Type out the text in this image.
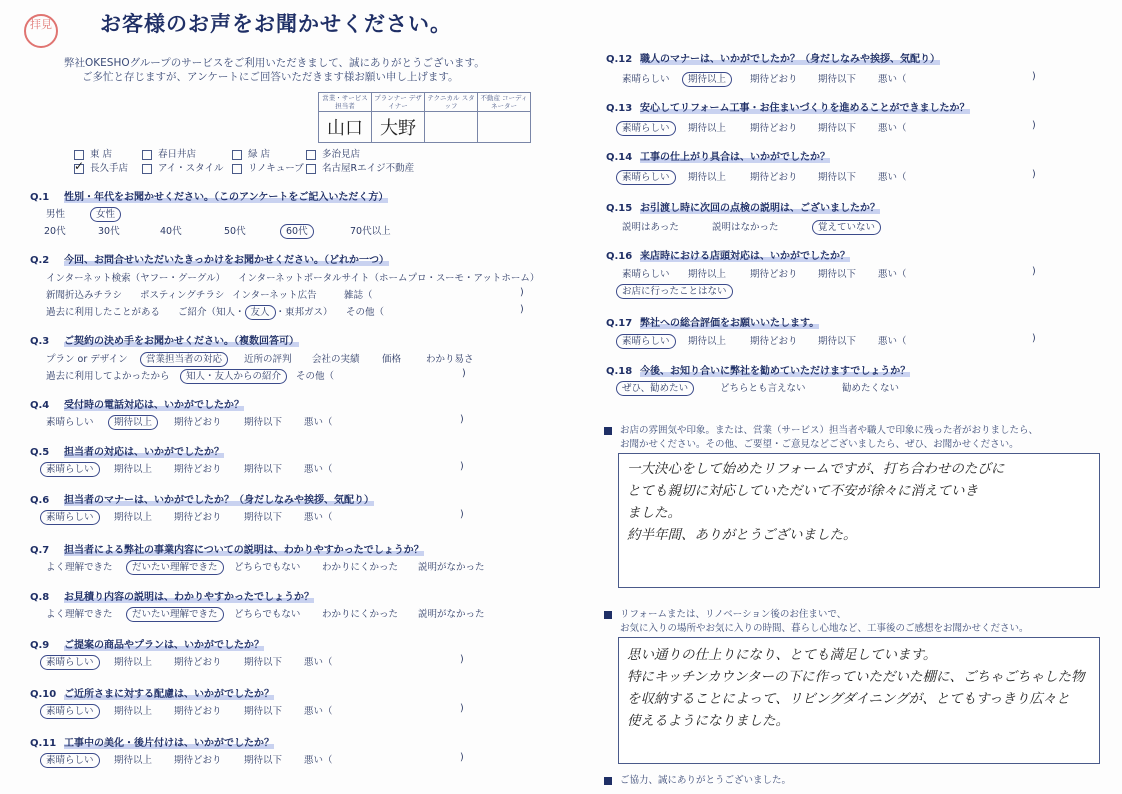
拝見 お客様のお声をお聞かせください。
弊社OKESHOグループのサービスをご利用いただきまして、誠にありがとうございます。
ご多忙と存じますが、アンケートにご回答いただきます様お願い申し上げます。
営業・サービス 担当者	プランナー デザイナー	テクニカル スタッフ	不動産 コーディネーター
山口	大野		
Q.1 性別・年代をお聞かせください。（このアンケートをご記入いただく方）
男性	女性
Q.2 今回、お問合せいただいたきっかけをお聞かせください。（どれか一つ）
インターネット検索（ヤフー・グーグル） インターネットポータルサイト（ホームプロ・スーモ・アットホーム）
新聞折込みチラシ ポスティングチラシ インターネット広告	雑誌（	)
過去に利用したことがある ご紹介（知人・ 友人 ・東邦ガス） その他（	)
Q.3 ご契約の決め手をお聞かせください。（複数回答可）
過去に利用してよかったから 知人・友人からの紹介	その他（	)
Q.15 お引渡し時に次回の点検の説明は、ございましたか？
Q.16 来店時における店頭対応は、いかがでしたか？
お店に行ったことはない
Q.17 弊社への総合評価をお願いいたします。
Q.18 今後、お知り合いに弊社を勧めていただけますでしょうか？
お店の雰囲気や印象。または、営業（サービス）担当者や職人で印象に残った者がおりましたら、
お聞かせください。その他、ご要望・ご意見などございましたら、ぜひ、お聞かせください。
一大決心をして始めたリフォームですが、打ち合わせのたびに
とても親切に対応していただいて不安が徐々に消えていき
ました。
約半年間、ありがとうございました。
リフォームまたは、リノベーション後のお住まいで、
お気に入りの場所やお気に入りの時間、暮らし心地など、工事後のご感想をお聞かせください。
思い通りの仕上りになり、とても満足しています。
特にキッチンカウンターの下に作っていただいた棚に、ごちゃごちゃした物
を収納することによって、リビングダイニングが、とてもすっきり広々と
使えるようになりました。
ご協力、誠にありがとうございました。
東 店	春日井店	緑 店	多治見店
✓長久手店	アイ・スタイル	リノキューブ	名古屋Rエイジ不動産
20代	30代	40代	50代	60代	70代以上
プラン or デザイン 営業担当者の対応	近所の評判 会社の実績 価格	わかり易さ
Q.4 受付時の電話対応は、いかがでしたか？
素晴らしい 期待以上	期待どおり 期待以下 悪い（	)
Q.5 担当者の対応は、いかがでしたか？
素晴らしい	期待以上 期待どおり 期待以下 悪い（	)
Q.6 担当者のマナーは、いかがでしたか？（身だしなみや挨拶、気配り）
素晴らしい	期待以上 期待どおり 期待以下 悪い（	)
Q.7 担当者による弊社の事業内容についての説明は、わかりやすかったでしょうか？
よく理解できた だいたい理解できた	どちらでもない わかりにくかった 説明がなかった
Q.8 お見積り内容の説明は、わかりやすかったでしょうか？
よく理解できた だいたい理解できた	どちらでもない わかりにくかった 説明がなかった
Q.9 ご提案の商品やプランは、いかがでしたか？
素晴らしい	期待以上 期待どおり 期待以下 悪い（	)
Q.10 ご近所さまに対する配慮は、いかがでしたか？
素晴らしい	期待以上 期待どおり 期待以下 悪い（	)
Q.11 工事中の美化・後片付けは、いかがでしたか？
素晴らしい	期待以上 期待どおり 期待以下 悪い（	)
Q.12 職人のマナーは、いかがでしたか？（身だしなみや挨拶、気配り）
素晴らしい 期待以上	期待どおり 期待以下 悪い（	)
Q.13 安心してリフォーム工事・お住まいづくりを進めることができましたか？
素晴らしい	期待以上	期待どおり 期待以下 悪い（	)
Q.14 工事の仕上がり具合は、いかがでしたか？
素晴らしい	期待以上	期待どおり 期待以下 悪い（	)
説明はあった	説明はなかった	覚えていない
素晴らしい 期待以上	期待どおり 期待以下 悪い（	)
素晴らしい	期待以上	期待どおり 期待以下 悪い（	)
ぜひ、勧めたい	どちらとも言えない	勧めたくない
